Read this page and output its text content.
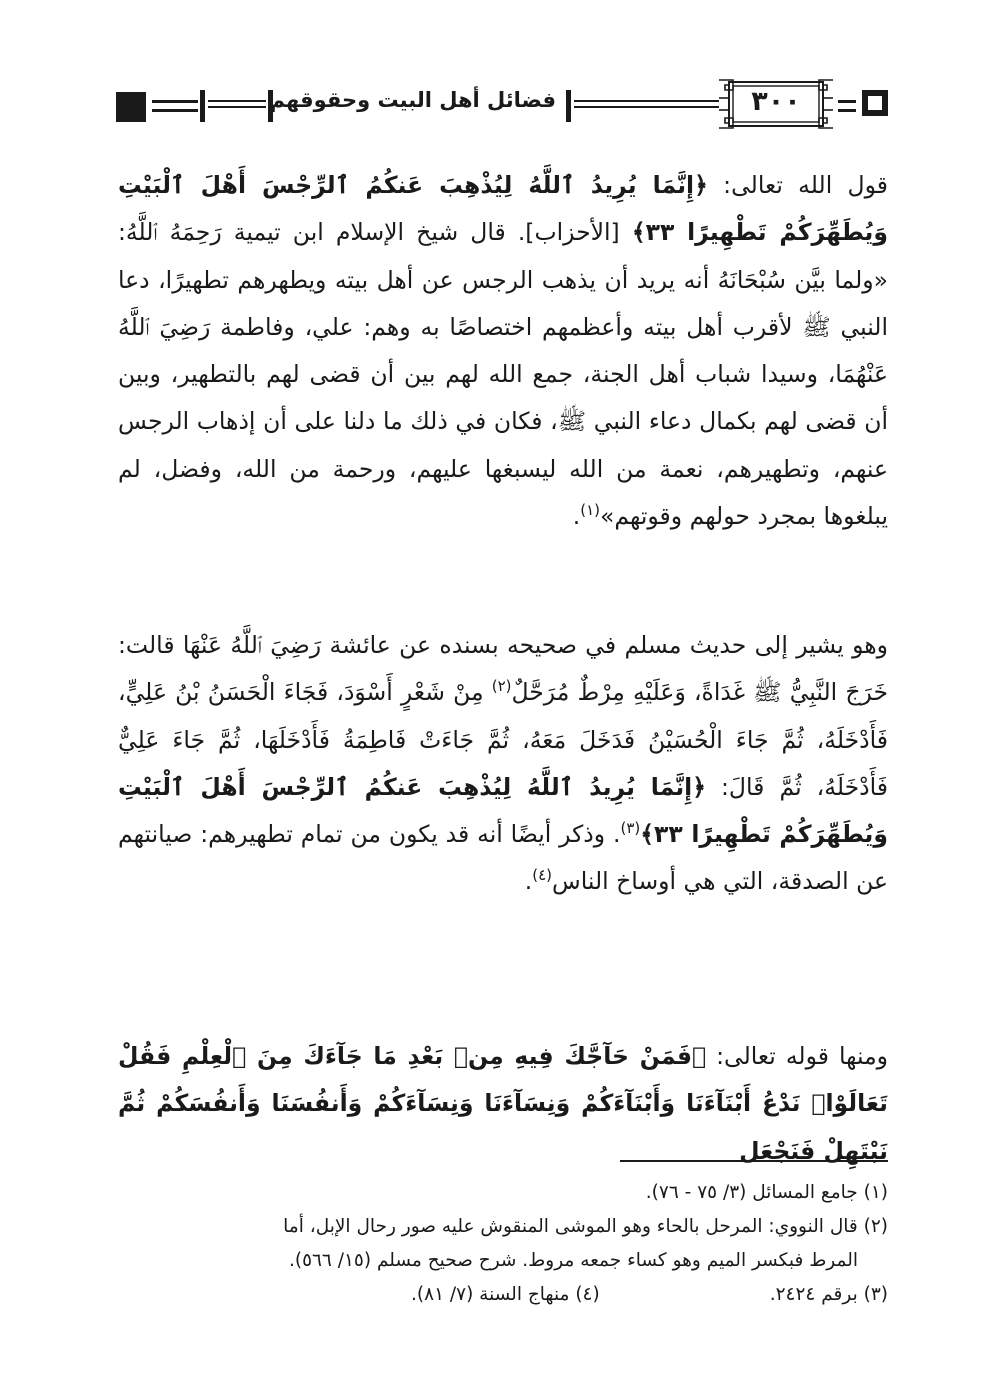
فضائل أهل البيت وحقوقهم	٣٠٠
قول الله تعالى: ﴿إِنَّمَا يُرِيدُ ٱللَّهُ لِيُذْهِبَ عَنكُمُ ٱلرِّجْسَ أَهْلَ ٱلْبَيْتِ وَيُطَهِّرَكُمْ تَطْهِيرًا ٣٣﴾ [الأحزاب]. قال شيخ الإسلام ابن تيمية رَحِمَهُ ٱللَّهُ: «ولما بيَّن سُبْحَانَهُ أنه يريد أن يذهب الرجس عن أهل بيته ويطهرهم تطهيرًا، دعا النبي ﷺ لأقرب أهل بيته وأعظمهم اختصاصًا به وهم: علي، وفاطمة رَضِيَ ٱللَّهُ عَنْهُمَا، وسيدا شباب أهل الجنة، جمع الله لهم بين أن قضى لهم بالتطهير، وبين أن قضى لهم بكمال دعاء النبي ﷺ، فكان في ذلك ما دلنا على أن إذهاب الرجس عنهم، وتطهيرهم، نعمة من الله ليسبغها عليهم، ورحمة من الله، وفضل، لم يبلغوها بمجرد حولهم وقوتهم»$^{(١)}$.
وهو يشير إلى حديث مسلم في صحيحه بسنده عن عائشة رَضِيَ ٱللَّهُ عَنْهَا قالت: خَرَجَ النَّبِيُّ ﷺ غَدَاةً، وَعَلَيْهِ مِرْطٌ مُرَحَّلٌ$^{(٢)}$ مِنْ شَعْرٍ أَسْوَدَ، فَجَاءَ الْحَسَنُ بْنُ عَلِيٍّ، فَأَدْخَلَهُ، ثُمَّ جَاءَ الْحُسَيْنُ فَدَخَلَ مَعَهُ، ثُمَّ جَاءَتْ فَاطِمَةُ فَأَدْخَلَهَا، ثُمَّ جَاءَ عَلِيٌّ فَأَدْخَلَهُ، ثُمَّ قَالَ: ﴿إِنَّمَا يُرِيدُ ٱللَّهُ لِيُذْهِبَ عَنكُمُ ٱلرِّجْسَ أَهْلَ ٱلْبَيْتِ وَيُطَهِّرَكُمْ تَطْهِيرًا ٣٣﴾$^{(٣)}$. وذكر أيضًا أنه قد يكون من تمام تطهيرهم: صيانتهم عن الصدقة، التي هي أوساخ الناس$^{(٤)}$.
ومنها قوله تعالى: ﴿فَمَنْ حَآجَّكَ فِيهِ مِنۢ بَعْدِ مَا جَآءَكَ مِنَ ٱلْعِلْمِ فَقُلْ تَعَالَوْا۟ نَدْعُ أَبْنَآءَنَا وَأَبْنَآءَكُمْ وَنِسَآءَنَا وَنِسَآءَكُمْ وَأَنفُسَنَا وَأَنفُسَكُمْ ثُمَّ نَبْتَهِلْ فَنَجْعَل
(١) جامع المسائل (٣/ ٧٥ - ٧٦).
(٢) قال النووي: المرحل بالحاء وهو الموشى المنقوش عليه صور رحال الإبل، أما
المرط فبكسر الميم وهو كساء جمعه مروط. شرح صحيح مسلم (١٥/ ٥٦٦).
(٣) برقم ٢٤٢٤.
(٤) منهاج السنة (٧/ ٨١).
